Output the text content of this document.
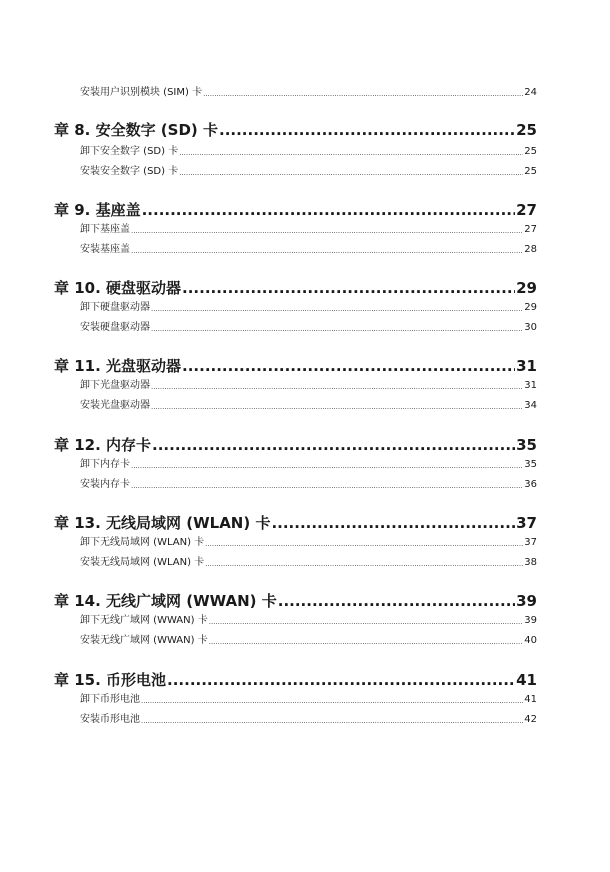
安装用户识别模块 (SIM) 卡 .....	24
章 8. 安全数字 (SD) 卡 .....	25
卸下安全数字 (SD) 卡 .....	25
安装安全数字 (SD) 卡 .....	25
章 9. 基座盖 .....	27
卸下基座盖 .....	27
安装基座盖 .....	28
章 10. 硬盘驱动器 .....	29
卸下硬盘驱动器 .....	29
安装硬盘驱动器 .....	30
章 11. 光盘驱动器 .....	31
卸下光盘驱动器 .....	31
安装光盘驱动器 .....	34
章 12. 内存卡 .....	35
卸下内存卡 .....	35
安装内存卡 .....	36
章 13. 无线局域网 (WLAN) 卡 .....	37
卸下无线局域网 (WLAN) 卡 .....	37
安装无线局域网 (WLAN) 卡 .....	38
章 14. 无线广域网 (WWAN) 卡 .....	39
卸下无线广域网 (WWAN) 卡 .....	39
安装无线广域网 (WWAN) 卡 .....	40
章 15. 币形电池 .....	41
卸下币形电池 .....	41
安装币形电池 .....	42
